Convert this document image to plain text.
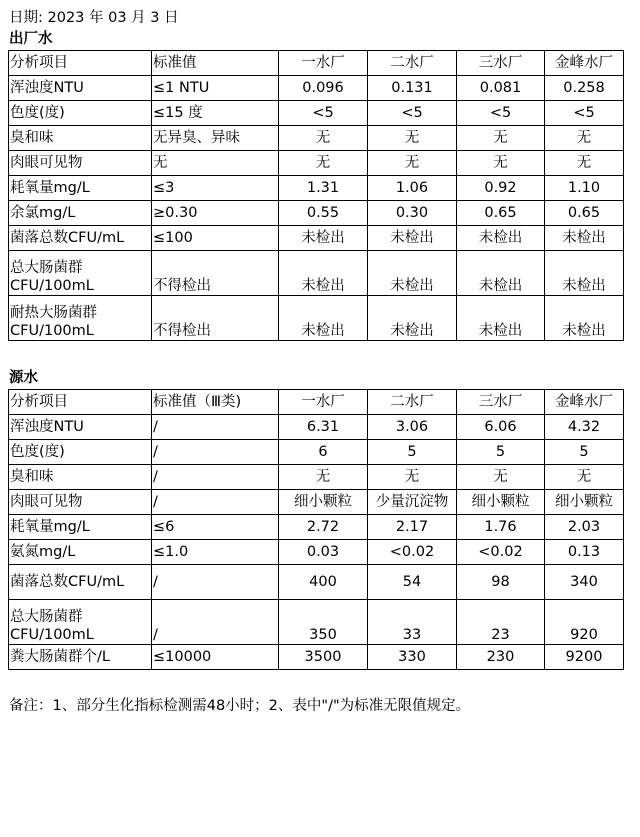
日期: 2023 年 03 月 3 日
出厂水
分析项目	标准值	一水厂	二水厂	三水厂	金峰水厂
浑浊度NTU	≤1 NTU	0.096	0.131	0.081	0.258
色度(度)	≤15 度	<5	<5	<5	<5
臭和味	无异臭、异味	无	无	无	无
肉眼可见物	无	无	无	无	无
耗氧量mg/L	≤3	1.31	1.06	0.92	1.10
余氯mg/L	≥0.30	0.55	0.30	0.65	0.65
菌落总数CFU/mL	≤100	未检出	未检出	未检出	未检出
总大肠菌群CFU/100mL	不得检出	未检出	未检出	未检出	未检出
耐热大肠菌群CFU/100mL	不得检出	未检出	未检出	未检出	未检出
源水
分析项目	标准值（Ⅲ类)	一水厂	二水厂	三水厂	金峰水厂
浑浊度NTU	/	6.31	3.06	6.06	4.32
色度(度)	/	6	5	5	5
臭和味	/	无	无	无	无
肉眼可见物	/	细小颗粒	少量沉淀物	细小颗粒	细小颗粒
耗氧量mg/L	≤6	2.72	2.17	1.76	2.03
氨氮mg/L	≤1.0	0.03	<0.02	<0.02	0.13
菌落总数CFU/mL	/	400	54	98	340
总大肠菌群CFU/100mL	/	350	33	23	920
粪大肠菌群个/L	≤10000	3500	330	230	9200
备注：1、部分生化指标检测需48小时；2、表中"/"为标准无限值规定。
